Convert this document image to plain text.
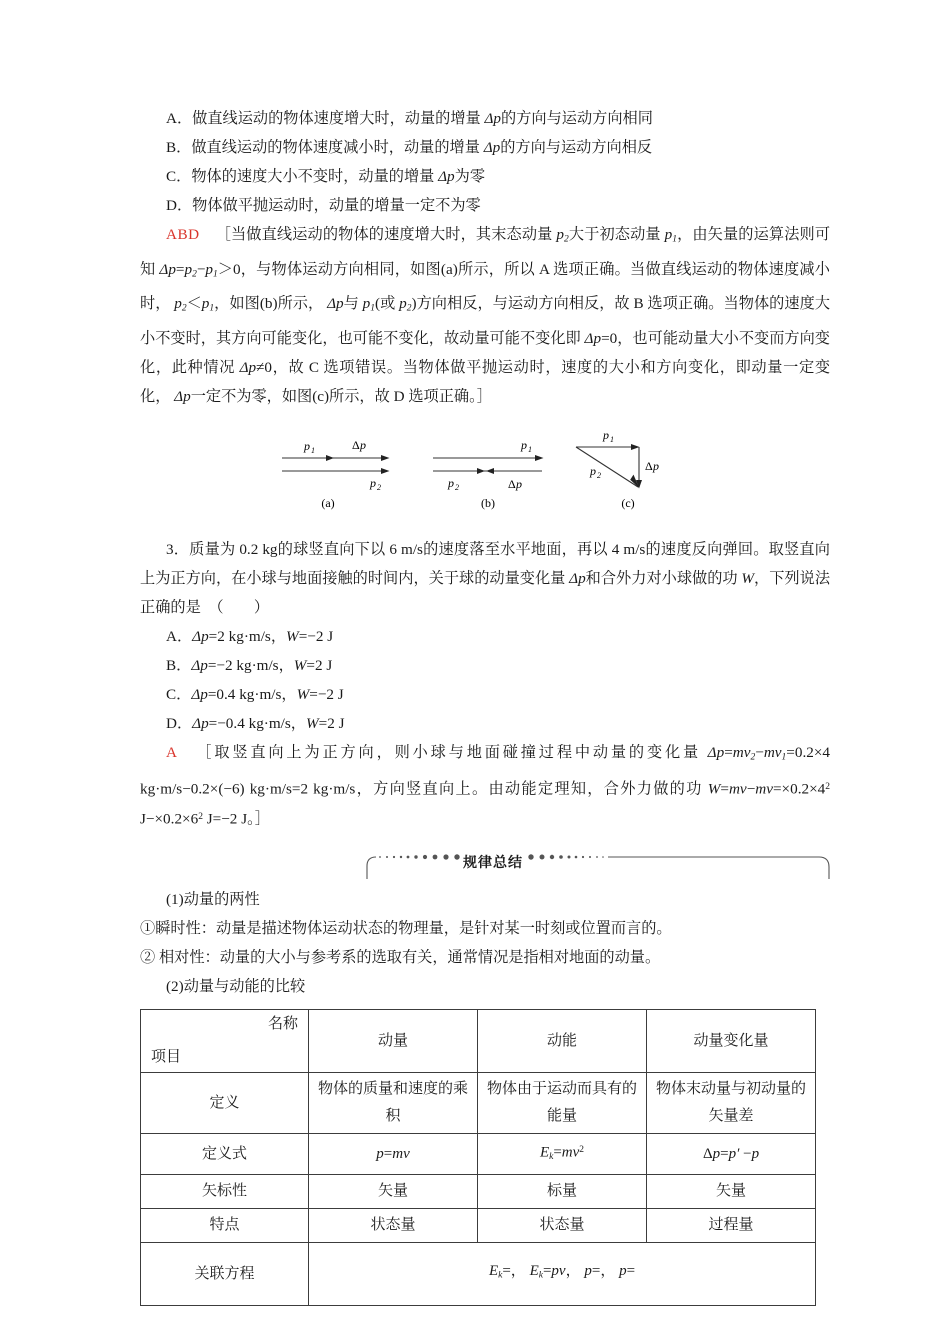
A．做直线运动的物体速度增大时，动量的增量 Δp的方向与运动方向相同

B．做直线运动的物体速度减小时，动量的增量 Δp的方向与运动方向相反

C．物体的速度大小不变时，动量的增量 Δp为零

D．物体做平抛运动时，动量的增量一定不为零

ABD ［当做直线运动的物体的速度增大时，其末态动量 $p_2$大于初态动量 $p_1$，由矢量的运算法则可知 $\Delta p=p_2-p_1>0$，与物体运动方向相同，如图(a)所示，所以 A 选项正确。当做直线运动的物体速度减小时， $p_2<p_1$，如图(b)所示， Δp与 $p_1$(或 $p_2$)方向相反，与运动方向相反，故 B 选项正确。当物体的速度大小不变时，其方向可能变化，也可能不变化，故动量可能不变化即 Δp=0，也可能动量大小不变而方向变化，此种情况 Δp≠0，故 C 选项错误。当物体做平抛运动时，速度的大小和方向变化，即动量一定变化， Δp一定不为零，如图(c)所示，故 D 选项正确。］

p 1	Δ p
p 2
(a)
p 1
p 2	Δ p
(b)
p 1
Δ p
p 2
(c)

3．质量为 0.2 kg的球竖直向下以 6 m/s的速度落至水平地面，再以 4 m/s的速度反向弹回。取竖直向上为正方向，在小球与地面接触的时间内，关于球的动量变化量 Δp和合外力对小球做的功 W，下列说法正确的是　（　　）

A．Δp=2 kg·m/s，W=−2 J

B．Δp=−2 kg·m/s，W=2 J

C．Δp=0.4 kg·m/s，W=−2 J

D．Δp=−0.4 kg·m/s，W=2 J

A ［取竖直向上为正方向，则小球与地面碰撞过程中动量的变化量 $\Delta p=mv_2-mv_1=0.2\times 4$ kg·m/s−0.2×(−6) kg·m/s=2 kg·m/s，方向竖直向上。由动能定理知，合外力做的功 $W=mv-mv=\times 0.2\times 4^2$ $J-\times 0.2\times 6^2$ J=−2 J。］

规律总结

(1)动量的两性

①瞬时性：动量是描述物体运动状态的物理量，是针对某一时刻或位置而言的。

② 相对性：动量的大小与参考系的选取有关，通常情况是指相对地面的动量。

(2)动量与动能的比较

名称
项目	动量	动能	动量变化量
定义	物体的质量和速度的乘积	物体由于运动而具有的能量	物体末动量与初动量的矢量差
定义式	p=mv	$E_k=mv^2$	Δp=p′ −p
矢标性	矢量	标量	矢量
特点	状态量	状态量	过程量
关联方程	$E_k=$， $E_k=pv$， p=， p=		
